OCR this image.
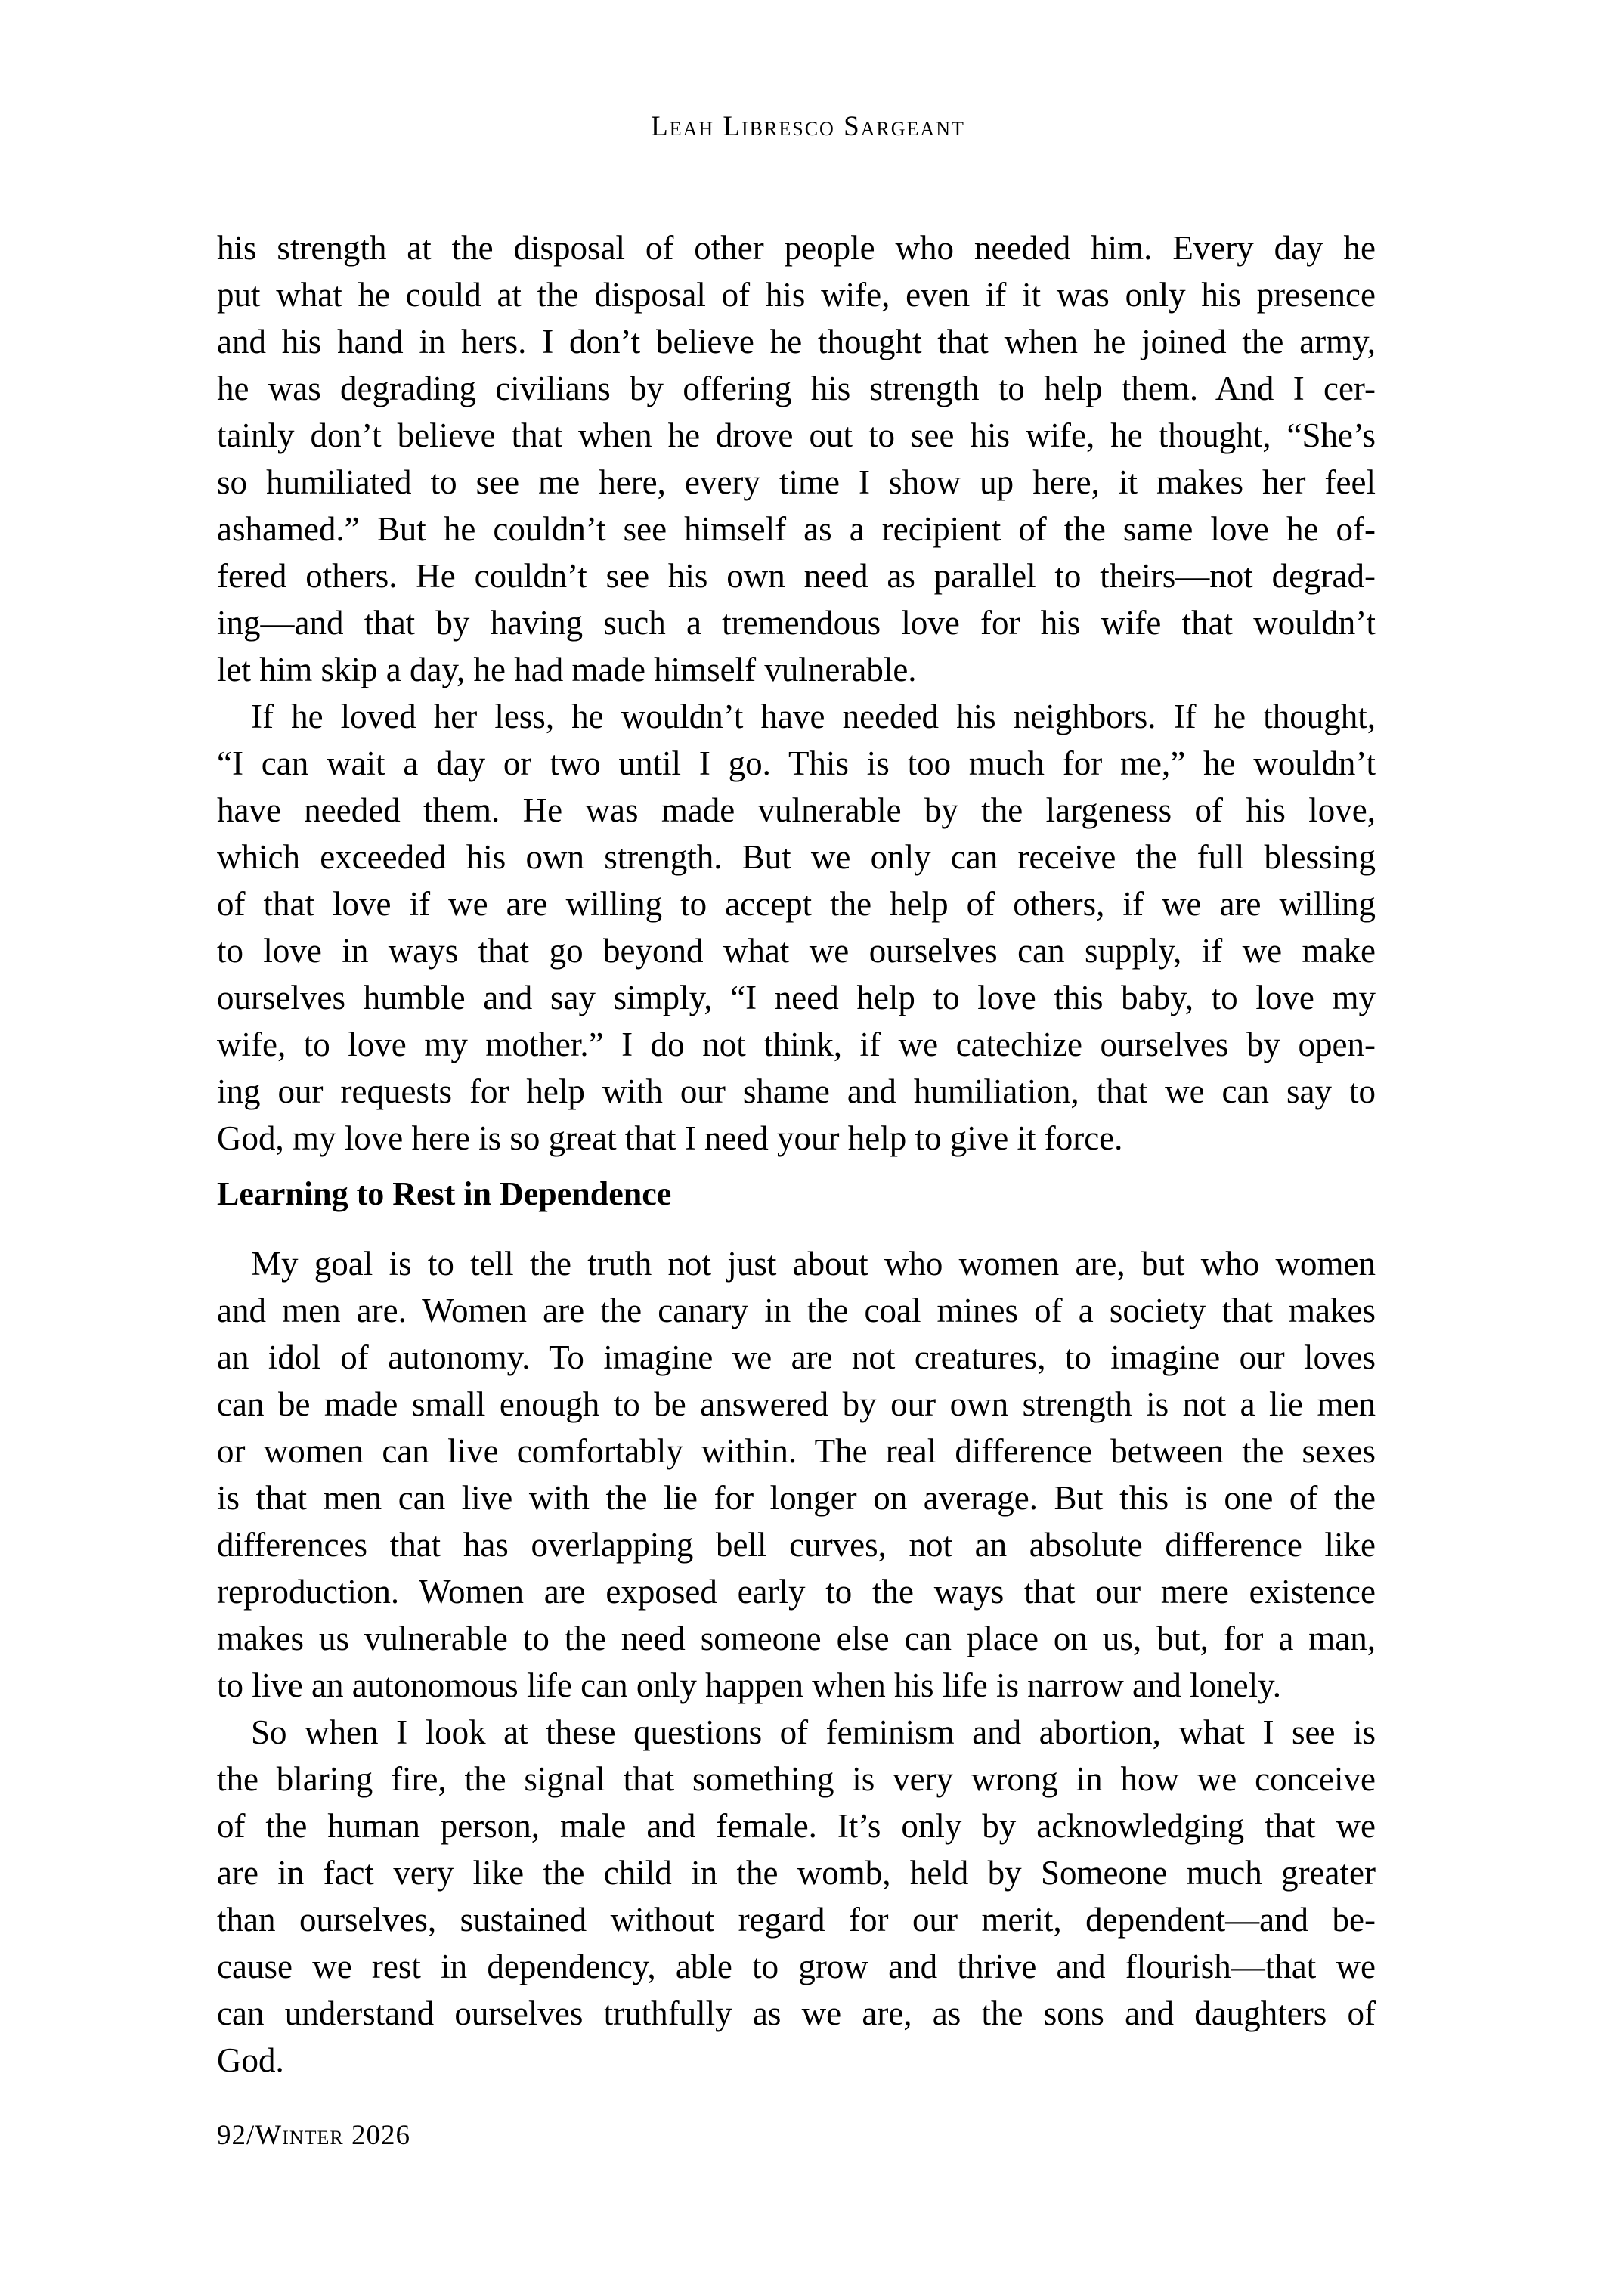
Leah Libresco Sargeant

his strength at the disposal of other people who needed him. Every day he
put what he could at the disposal of his wife, even if it was only his presence
and his hand in hers. I don’t believe he thought that when he joined the army,
he was degrading civilians by offering his strength to help them. And I cer-
tainly don’t believe that when he drove out to see his wife, he thought, “She’s
so humiliated to see me here, every time I show up here, it makes her feel
ashamed.” But he couldn’t see himself as a recipient of the same love he of-
fered others. He couldn’t see his own need as parallel to theirs—not degrad-
ing—and that by having such a tremendous love for his wife that wouldn’t
let him skip a day, he had made himself vulnerable.

If he loved her less, he wouldn’t have needed his neighbors. If he thought,
“I can wait a day or two until I go. This is too much for me,” he wouldn’t
have needed them. He was made vulnerable by the largeness of his love,
which exceeded his own strength. But we only can receive the full blessing
of that love if we are willing to accept the help of others, if we are willing
to love in ways that go beyond what we ourselves can supply, if we make
ourselves humble and say simply, “I need help to love this baby, to love my
wife, to love my mother.” I do not think, if we catechize ourselves by open-
ing our requests for help with our shame and humiliation, that we can say to
God, my love here is so great that I need your help to give it force.

Learning to Rest in Dependence

My goal is to tell the truth not just about who women are, but who women
and men are. Women are the canary in the coal mines of a society that makes
an idol of autonomy. To imagine we are not creatures, to imagine our loves
can be made small enough to be answered by our own strength is not a lie men
or women can live comfortably within. The real difference between the sexes
is that men can live with the lie for longer on average. But this is one of the
differences that has overlapping bell curves, not an absolute difference like
reproduction. Women are exposed early to the ways that our mere existence
makes us vulnerable to the need someone else can place on us, but, for a man,
to live an autonomous life can only happen when his life is narrow and lonely.

So when I look at these questions of feminism and abortion, what I see is
the blaring fire, the signal that something is very wrong in how we conceive
of the human person, male and female. It’s only by acknowledging that we
are in fact very like the child in the womb, held by Someone much greater
than ourselves, sustained without regard for our merit, dependent—and be-
cause we rest in dependency, able to grow and thrive and flourish—that we
can understand ourselves truthfully as we are, as the sons and daughters of
God.

92/Winter 2026
